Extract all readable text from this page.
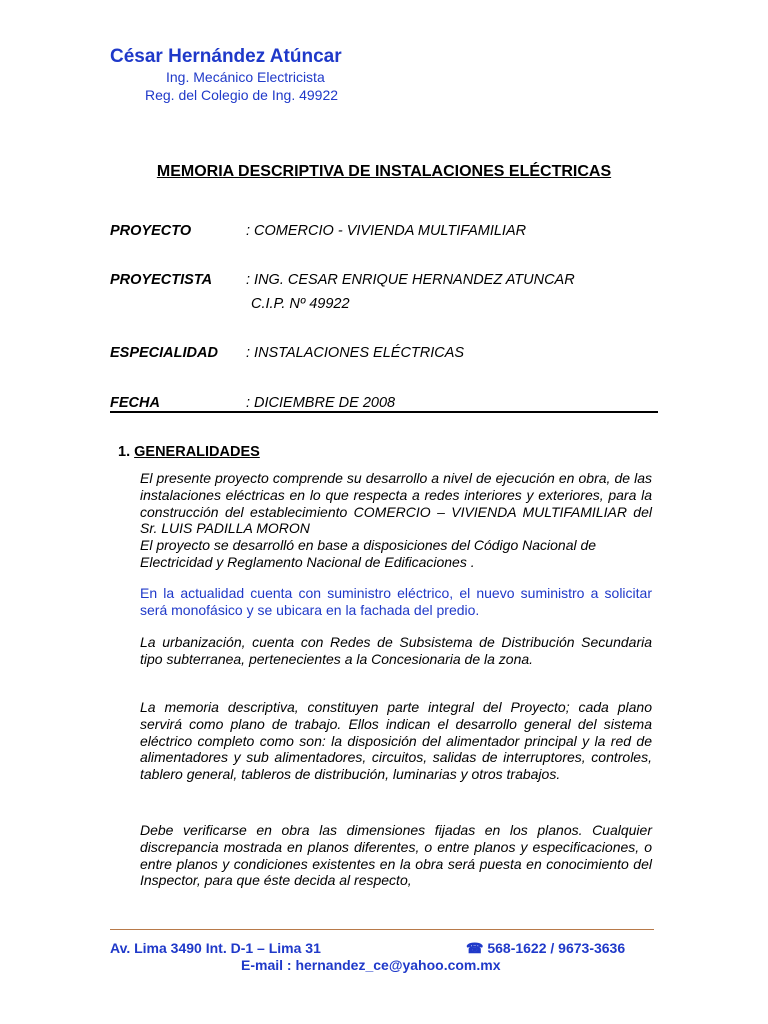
César Hernández Atúncar
Ing. Mecánico Electricista
Reg. del Colegio de Ing. 49922
MEMORIA DESCRIPTIVA DE INSTALACIONES ELÉCTRICAS
PROYECTO	: COMERCIO - VIVIENDA MULTIFAMILIAR
PROYECTISTA : ING. CESAR ENRIQUE HERNANDEZ ATUNCAR
C.I.P. Nº 49922
ESPECIALIDAD : INSTALACIONES ELÉCTRICAS
FECHA	: DICIEMBRE DE 2008
1. GENERALIDADES
El presente proyecto comprende su desarrollo a nivel de ejecución en obra, de las instalaciones eléctricas en lo que respecta a redes interiores y exteriores, para la construcción del establecimiento COMERCIO – VIVIENDA MULTIFAMILIAR del Sr. LUIS PADILLA MORON
El proyecto se desarrolló en base a disposiciones del Código Nacional de Electricidad y Reglamento Nacional de Edificaciones .
En la actualidad cuenta con suministro eléctrico, el nuevo suministro a solicitar será monofásico y se ubicara en la fachada del predio.
La urbanización, cuenta con Redes de Subsistema de Distribución Secundaria tipo subterranea, pertenecientes a la Concesionaria de la zona.
La memoria descriptiva, constituyen parte integral del Proyecto; cada plano servirá como plano de trabajo. Ellos indican el desarrollo general del sistema eléctrico completo como son: la disposición del alimentador principal y la red de alimentadores y sub alimentadores, circuitos, salidas de interruptores, controles, tablero general, tableros de distribución, luminarias y otros trabajos.
Debe verificarse en obra las dimensiones fijadas en los planos. Cualquier discrepancia mostrada en planos diferentes, o entre planos y especificaciones, o entre planos y condiciones existentes en la obra será puesta en conocimiento del Inspector, para que éste decida al respecto,
Av. Lima 3490 Int. D-1 – Lima 31	☎ 568-1622 / 9673-3636
E-mail : hernandez_ce@yahoo.com.mx
